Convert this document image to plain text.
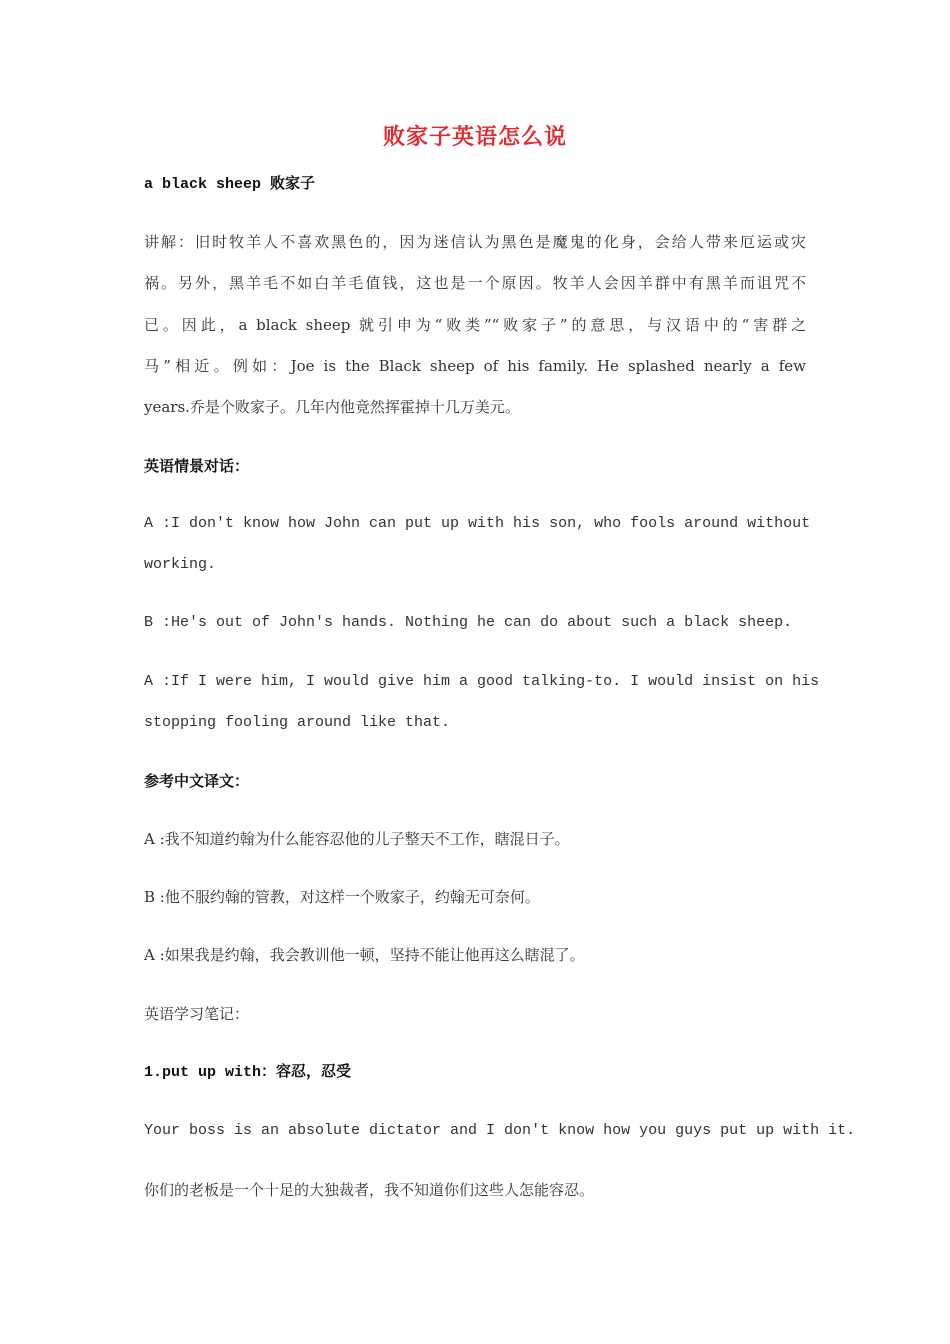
败家子英语怎么说
a black sheep 败家子
讲解：旧时牧羊人不喜欢黑色的，因为迷信认为黑色是魔鬼的化身，会给人带来厄运或灾
祸。另外，黑羊毛不如白羊毛值钱，这也是一个原因。牧羊人会因羊群中有黑羊而诅咒不
已。因此，a black sheep 就引申为“败类”“败家子”的意思，与汉语中的“害群之
马”相近。例如：Joe is the Black sheep of his family. He splashed nearly a few
years.乔是个败家子。几年内他竟然挥霍掉十几万美元。
英语情景对话：
A :I don't know how John can put up with his son, who fools around without
working.
B :He's out of John's hands. Nothing he can do about such a black sheep.
A :If I were him, I would give him a good talking-to. I would insist on his
stopping fooling around like that.
参考中文译文：
A :我不知道约翰为什么能容忍他的儿子整天不工作，瞎混日子。
B :他不服约翰的管教，对这样一个败家子，约翰无可奈何。
A :如果我是约翰，我会教训他一顿，坚持不能让他再这么瞎混了。
英语学习笔记：
1.put up with：容忍，忍受
Your boss is an absolute dictator and I don't know how you guys put up with it.
你们的老板是一个十足的大独裁者，我不知道你们这些人怎能容忍。
